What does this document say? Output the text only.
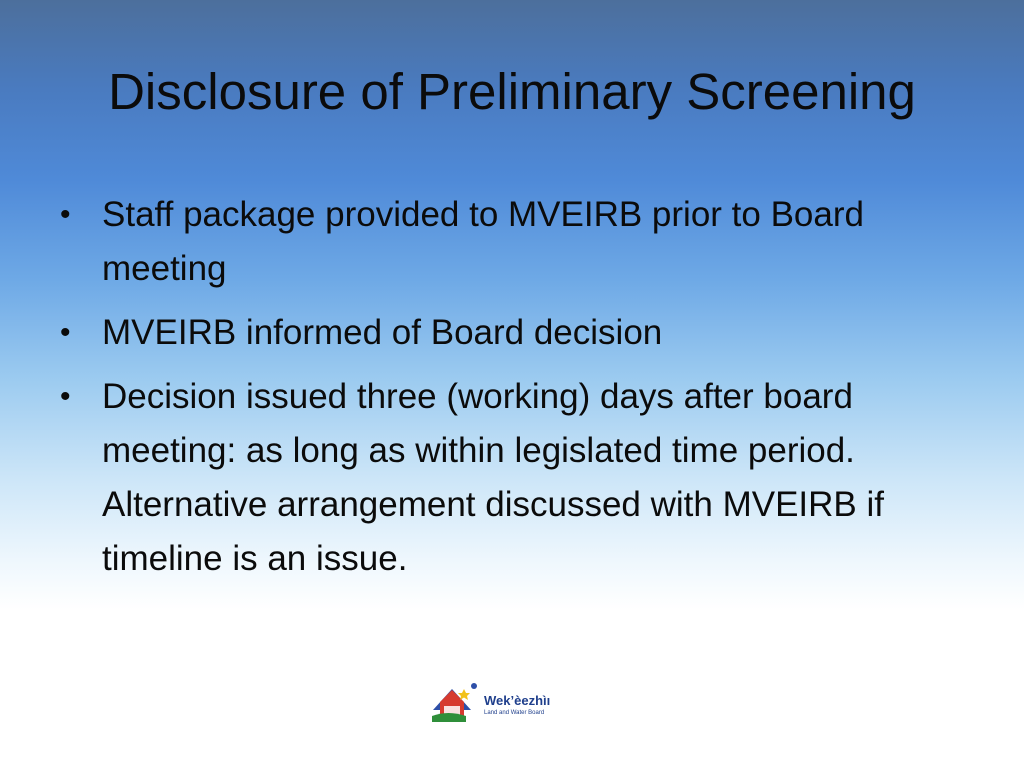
Disclosure of Preliminary Screening
• Staff package provided to MVEIRB prior to Board meeting
• MVEIRB informed of Board decision
• Decision issued three (working) days after board meeting: as long as within legislated time period. Alternative arrangement discussed with MVEIRB if timeline is an issue.
Wek’èezhìı
Land and Water Board
